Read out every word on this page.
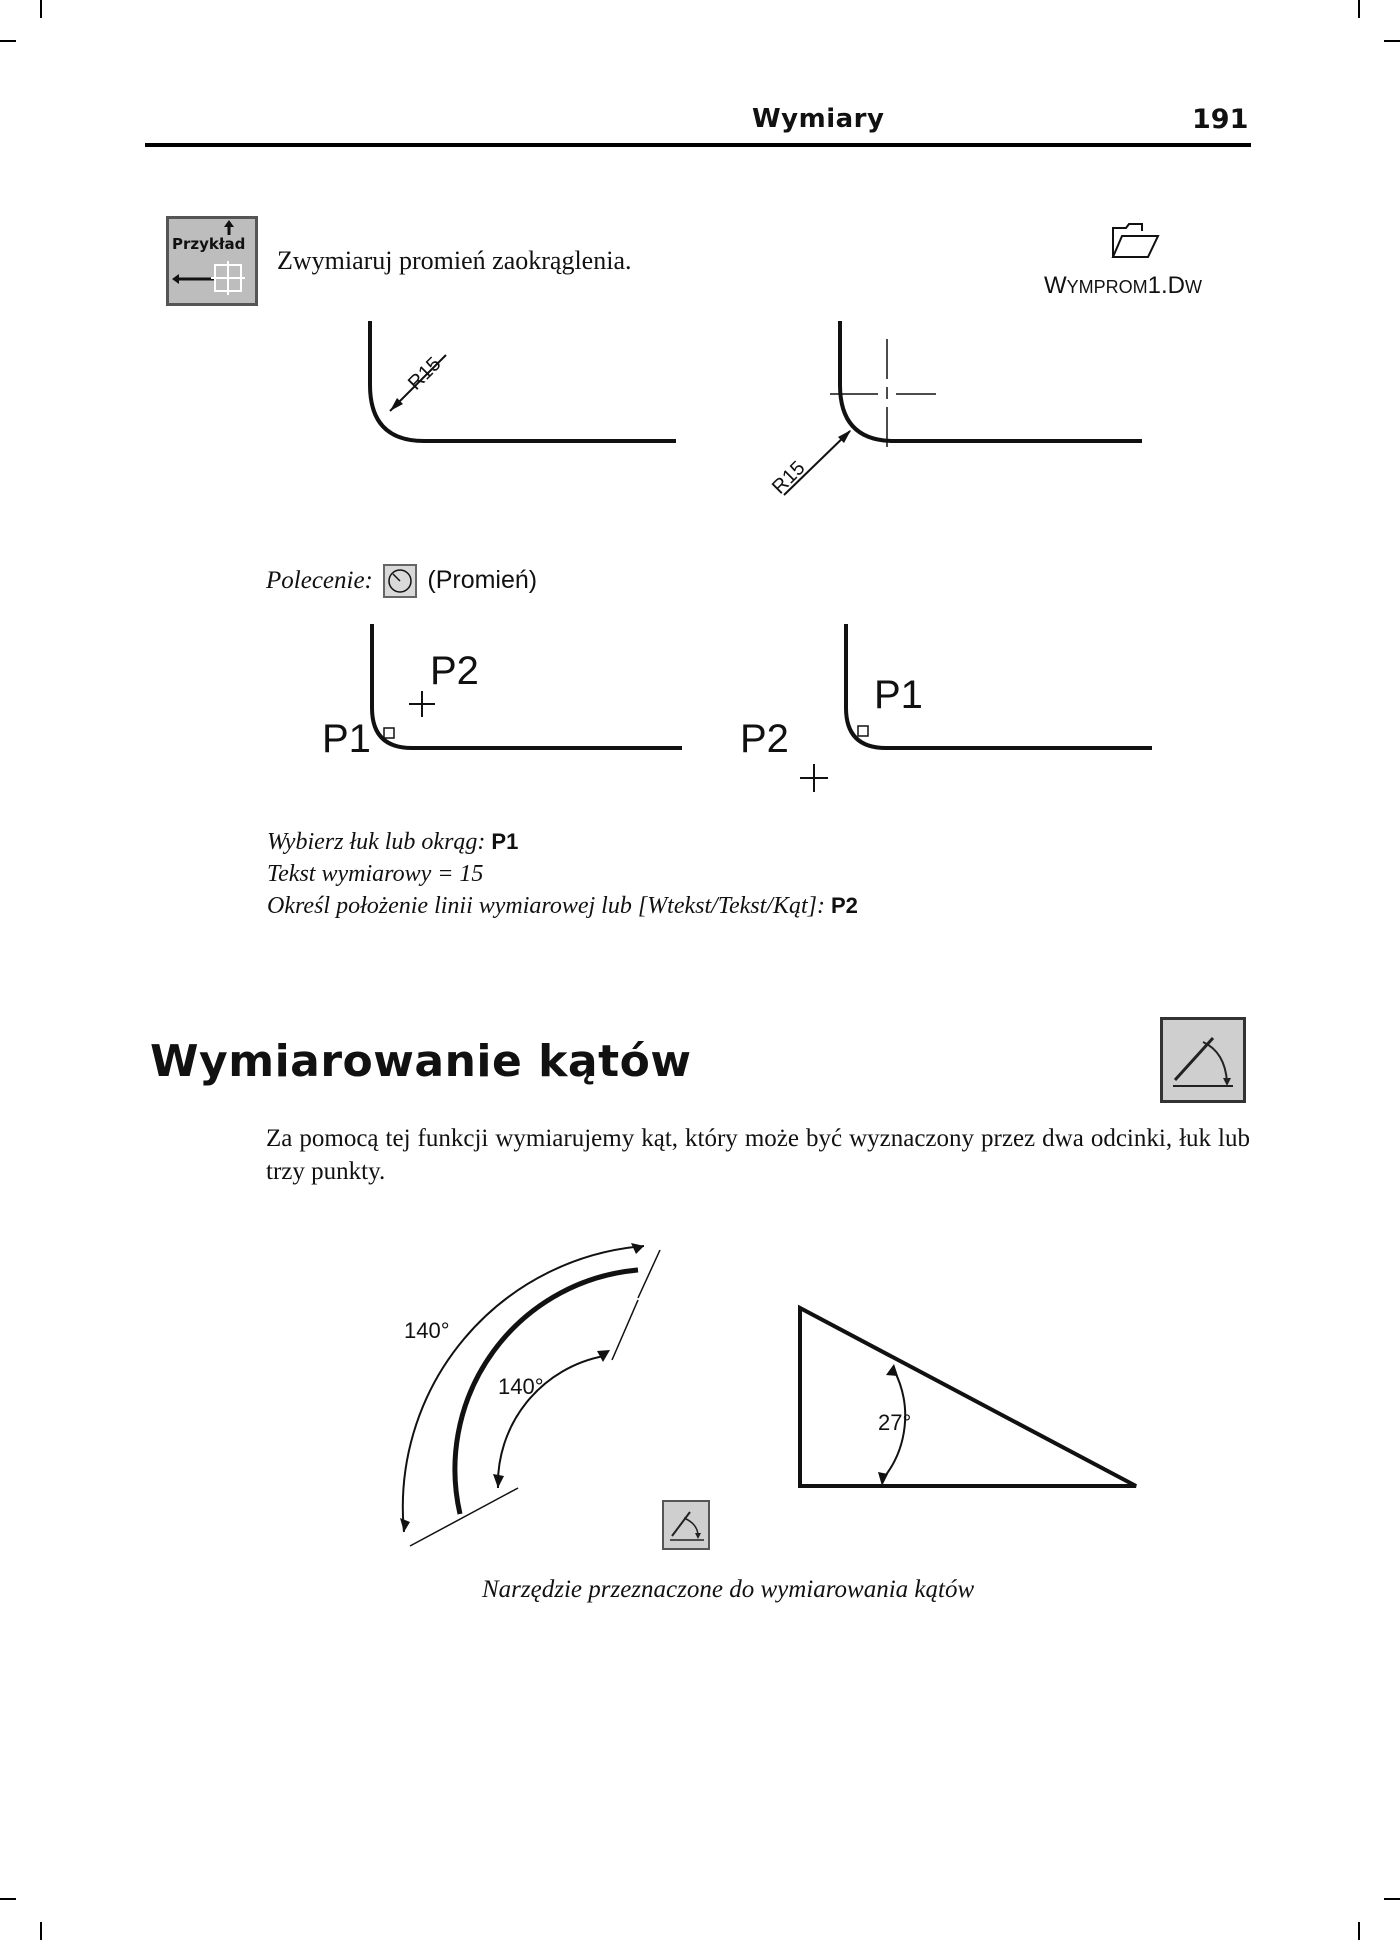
Wymiary	191
Przykład
Zwymiaruj promień zaokrąglenia.
WYMPROM1.DW
R15
R15
Polecenie: (Promień)
P2
P1
P1
P2
Wybierz łuk lub okrąg: P1
Tekst wymiarowy = 15
Określ położenie linii wymiarowej lub [Wtekst/Tekst/Kąt]: P2
Wymiarowanie kątów
Za pomocą tej funkcji wymiarujemy kąt, który może być wyznaczony przez dwa odcinki, łuk lub trzy punkty.
140°
140°
27°
Narzędzie przeznaczone do wymiarowania kątów
